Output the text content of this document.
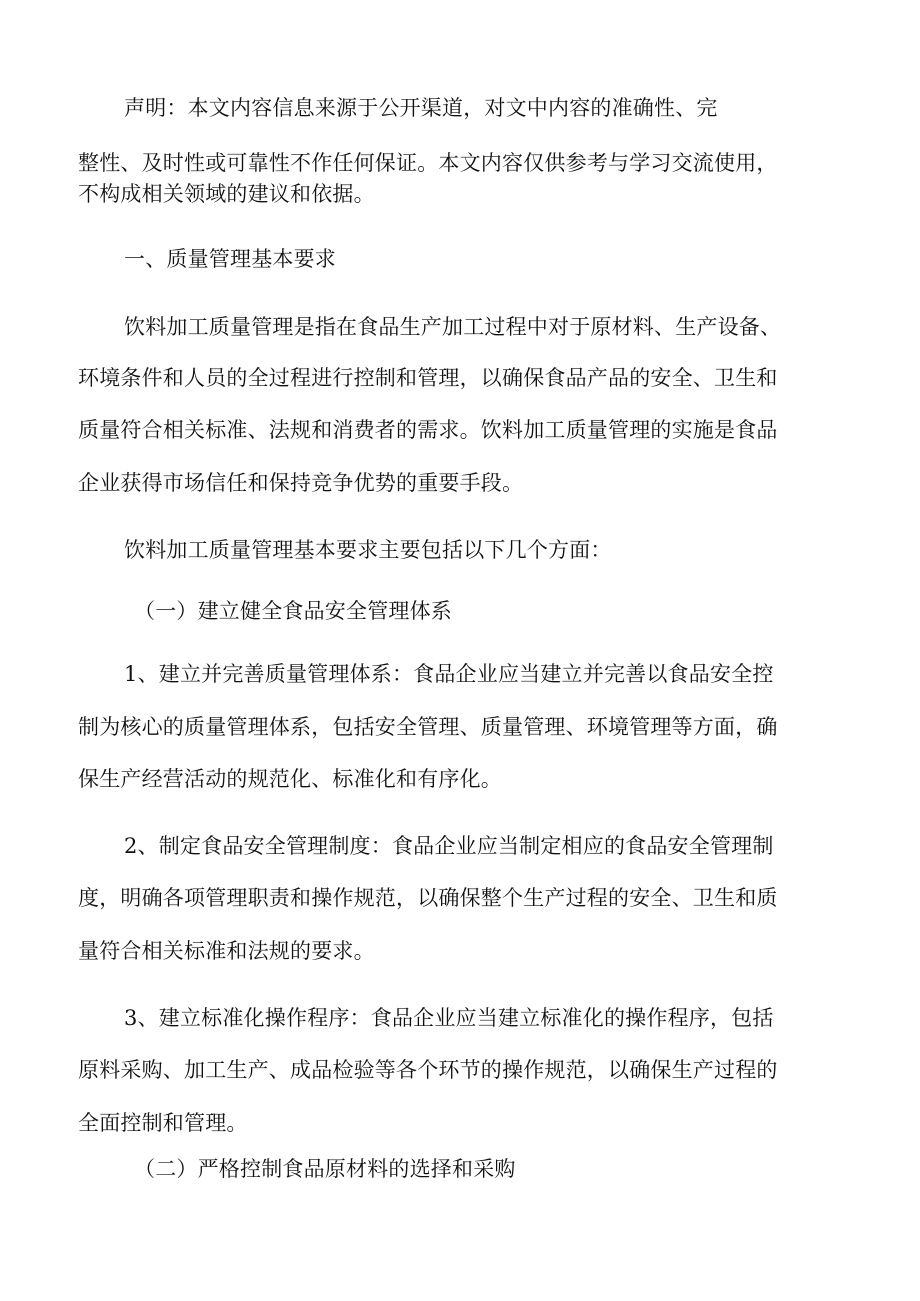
声明：本文内容信息来源于公开渠道，对文中内容的准确性、完
整性、及时性或可靠性不作任何保证。本文内容仅供参考与学习交流使用，
不构成相关领域的建议和依据。
一、质量管理基本要求
饮料加工质量管理是指在食品生产加工过程中对于原材料、生产设备、
环境条件和人员的全过程进行控制和管理，以确保食品产品的安全、卫生和
质量符合相关标准、法规和消费者的需求。饮料加工质量管理的实施是食品
企业获得市场信任和保持竞争优势的重要手段。
饮料加工质量管理基本要求主要包括以下几个方面：
（一）建立健全食品安全管理体系
1、建立并完善质量管理体系：食品企业应当建立并完善以食品安全控
制为核心的质量管理体系，包括安全管理、质量管理、环境管理等方面，确
保生产经营活动的规范化、标准化和有序化。
2、制定食品安全管理制度：食品企业应当制定相应的食品安全管理制
度，明确各项管理职责和操作规范，以确保整个生产过程的安全、卫生和质
量符合相关标准和法规的要求。
3、建立标准化操作程序：食品企业应当建立标准化的操作程序，包括
原料采购、加工生产、成品检验等各个环节的操作规范，以确保生产过程的
全面控制和管理。
（二）严格控制食品原材料的选择和采购
